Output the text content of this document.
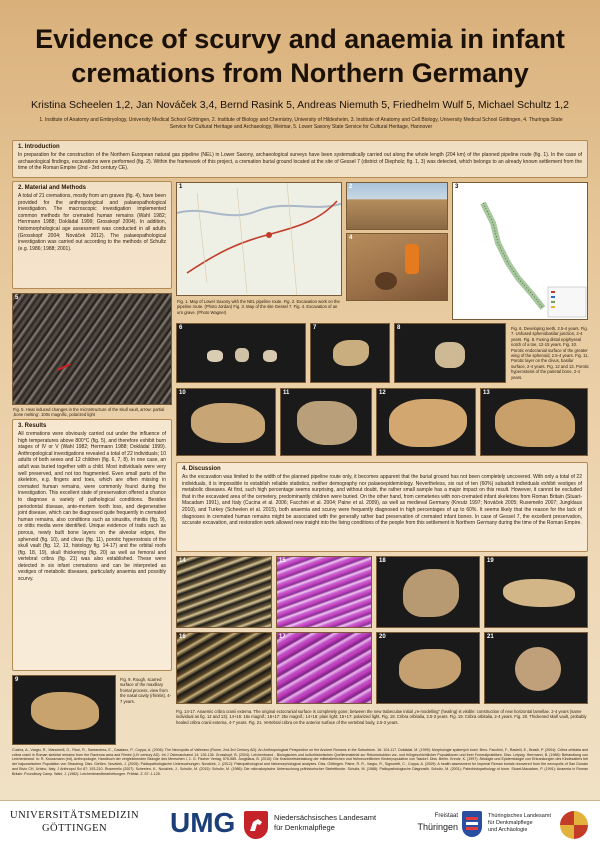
Evidence of scurvy and anaemia in infant
cremations from Northern Germany
Kristina Scheelen 1,2, Jan Nováček 3,4, Bernd Rasink 5, Andreas Niemuth 5, Friedhelm Wulf 5, Michael Schultz 1,2
1. Institute of Anatomy and Embryology, University Medical School Göttingen, 2. Institute of Biology and Chemistry, University of Hildesheim, 3. Institute of Anatomy and Cell Biology, University Medical School Göttingen, 4. Thuringia State Service for Cultural Heritage and Archaeology, Weimar, 5. Lower Saxony State Service for Cultural Heritage, Hannover
1. Introduction

In preparation for the construction of the Northern European natural gas pipeline (NEL) in Lower Saxony, archaeological surveys have been systematically carried out along the whole length (204 km) of the planned pipeline route (fig. 1). In the case of archaeological findings, excavations were performed (fig. 2). Within the framework of this project, a cremation burial ground located at the site of Gessel 7 (district of Diepholz; fig. 1, 3) was detected, which belongs to an already known settlement from the time of the Roman Empire (2nd - 3rd century CE).

2. Material and Methods

A total of 21 cremations, mostly from urn graves (fig. 4), have been provided for the anthropological and palaeopathological investigation. The macroscopic investigation implemented common methods for cremated human remains (Wahl 1982; Herrmann 1988; Doklàdal 1999; Grosskopf 2004). In addition, histomorphological age assessment was conducted in all adults (Grosskopf 2004; Nováček 2012). The palaeopathological investigation was carried out according to the methods of Schultz (e.g. 1986; 1988; 2001).

1	2
4
3
Fig. 1. Map of Lower Saxony with the NEL pipeline route. Fig. 2. Excavation work on the pipeline route. (Photo Jordan) Fig. 3. Map of the site Gessel 7. Fig. 4. Excavation of an urn grave. (Photo Wagner)
5
Fig. 5. Heat induced changes in the microstructure of the skull vault, arrow: partial ‚bone melting'. 100x magnific, polarized light
6	7	8	Fig. 6. Developing teeth, 2.5-4 years. Fig. 7. Unfused sphenobasilar junction, 2-4 years. Fig. 8. Fusing distal epiphyseal notch of a toe, 12-15 years. Fig. 10. Porotic endocranial surface of the greater wing of the sphenoid, 2.5-4 years. Fig. 11. Porotic layer on the clivus, basilar surface, 2-4 years. Fig. 12 and 13. Porotic hyperostosis of the parietal bone, 2-4 years.
3. Results

All cremations were obviously carried out under the influence of high temperatures above 800°C (fig. 5), and therefore exhibit burn stages of IV or V (Wahl 1982; Herrmann 1988; Doklàdal 1999). Anthropological investigations revealed a total of 22 individuals; 10 adults of both sexes and 12 children (fig. 6, 7, 8). In one case, an adult was buried together with a child. Most individuals were very well preserved, and not too fragmented. Even small parts of the skeleton, e.g. fingers and toes, which are often missing in cremated human remains, were commonly found during the investigation. This excellent state of preservation offered a chance to diagnose a variety of pathological conditions. Besides periodontal disease, ante-mortem tooth loss, and degenerative joint disease, which can be diagnosed quite frequently in cremated human remains, also conditions such as sinusitis, rhinitis (fig. 9), or otitis media were identified. Unique evidence of traits such as porous, newly built bone layers on the alveolar edges, the sphenoid (fig. 10), and clivus (fig. 11), porotic hyperostosis of the skull vault (fig. 12, 13, histology fig. 14-17) and the orbital roofs (fig. 18, 19), skull thickening (fig. 20) as well as femoral and vertebral cribra (fig. 21) was also established. These were detected in six infant cremations and can be interpreted as vestiges of metabolic diseases, particularly anaemia and possibly scurvy.

10	11	12	13
4. Discussion

As the excavation was limited to the width of the planned pipeline route only, it becomes apparent that the burial ground has not been completely uncovered. With only a total of 22 individuals, it is impossible to establish reliable statistics, neither demography nor palaeoepidemiology. Nevertheless, six out of ten (60%) subadult individuals exhibit vestiges of metabolic diseases. At first, such high percentage seems surprising, and without doubt, the rather small sample has a major impact on this result. However, it cannot be excluded that in the excavated area of the cemetery, predominantly children were buried. On the other hand, from cemeteries with non-cremated infant skeletons from Roman Britain (Stuart-Macadam 1991), and Italy (Cucina et al. 2006; Facchini et al. 2004; Paine et al. 2009), as well as medieval Germany (Kreutz 1997; Nováček 2005; Rusemeilo 2007; Jungklaus 2010), and Turkey (Scheelen et al. 2015), both anaemia and scurvy were frequently diagnosed in high percentages of up to 60%. It seems likely that the reason for the lack of diagnoses in cremated human remains might be associated with the generally rather bad preservation of cremated infant bones. In case of Gessel 7, the excellent preservation, accurate excavation, and restoration work allowed new insight into the living conditions of the people from this settlement in Northern Germany during the time of the Roman Empire.

14	15
16	17
18	19
20	21
9	Fig. 9. Rough, scarred surface of the maxillary frontal process, view from the nasal cavity (rhinitis), 4-7 years.
Fig. 14-17. Anaemic cribra cranii externa. The original ectocranial surface is completely gone; between the new trabeculae initial „re-modelling" (healing) is visible: construction of new horizontal lamellae. 2-4 years (same individual as fig. 12 and 13). 14+15: 16x magnif.; 16+17: 25x magnif.; 14+16: plain light; 15+17: polarized light. Fig. 18. Cribra orbitalia, 2.5-3 years. Fig. 19. Cribra orbitalia, 2-4 years. Fig. 20. Thickened skull vault, probably healed cribra cranii externa, 4-7 years. Fig. 21. Vertebral cribra on the anterior surface of the vertebral body, 2.5-3 years.
Cucina, A., Vargiu, R., Mancinelli, D., Ricci, R., Santandrea, E., Catalano, P., Coppa, A. (2006): The Necropolis of Vallerano (Rome, 2nd-3rd Century AD): An Anthropological Perspective on the Ancient Romans in the Suburbium. 16: 104-117. Doklàdal, M. (1999): Morphologie spálených kostí. Brno. Facchini, F., Rastelli, E., Brasili, P. (2004): Cribra orbitalia and cribra cranii in Roman skeletal remains from the Ravenna area and Rimini (I-IV century AD). Int J Osteoarchaeol 14: 126-136. Grosskopf, B. (2004): Leichenbrand - Biologisches und kulturhistorisches Quellenmaterial zur Rekonstruktion vor- und frühgeschichtlicher Populationen und ihrer Funeralpraktiken. Diss. Leipzig. Herrmann, B. (1988): Behandlung von Leichenbrand. In: R. Knussmann (ed), Anthropologie, Handbuch der vergleichenden Biologie des Menschen I, 1. G. Fischer Verlag, 576-585. Jungklaus, B. (2010): Die Krankheitsbelastung der mittelalterlichen und frühneuzeitlichen Kinderpopulation von Tasdorf. Diss. Berlin. Kreutz, K. (1997): Ätiologie und Epidemiologie von Erkrankungen des Kindesalters bei der bajuwarischen Population von Straubing. Diss. Gießen. Nováček, J. (2005): Paläopathologische Untersuchungen. Nováček, J. (2012): Paleopathological and histomorphological analyses. Diss. Göttingen. Paine, R. R., Vargiu, R., Signoretti, C., Coppa, A. (2009): A health assessment for Imperial Roman burials recovered from the necropolis of San Donato and Bivio CH, Urbino, Italy. J Anthropol Sci 87: 193-210. Rusemeilo (2007). Scheelen, K., Nováček, J., Schultz, M. (2015): Schultz, M. (1986): Die mikroskopische Untersuchung prähistorischer Skelettfunde. Schultz, M. (1988): Paläopathologische Diagnostik. Schultz, M. (2001): Paleohistopathology of bone. Stuart-Macadam, P. (1991): Anaemia in Roman Britain: Poundbury Camp. Wahl, J. (1982): Leichenbrandbearbeitungen. Prähist. Z. 57: 1-125.
UNIVERSITÄTSMEDIZIN
GÖTTINGEN	UMG	Niedersächsisches Landesamt
für Denkmalpflege
Freistaat
Thüringen
Thüringisches Landesamt
für Denkmalpflege
und Archäologie
